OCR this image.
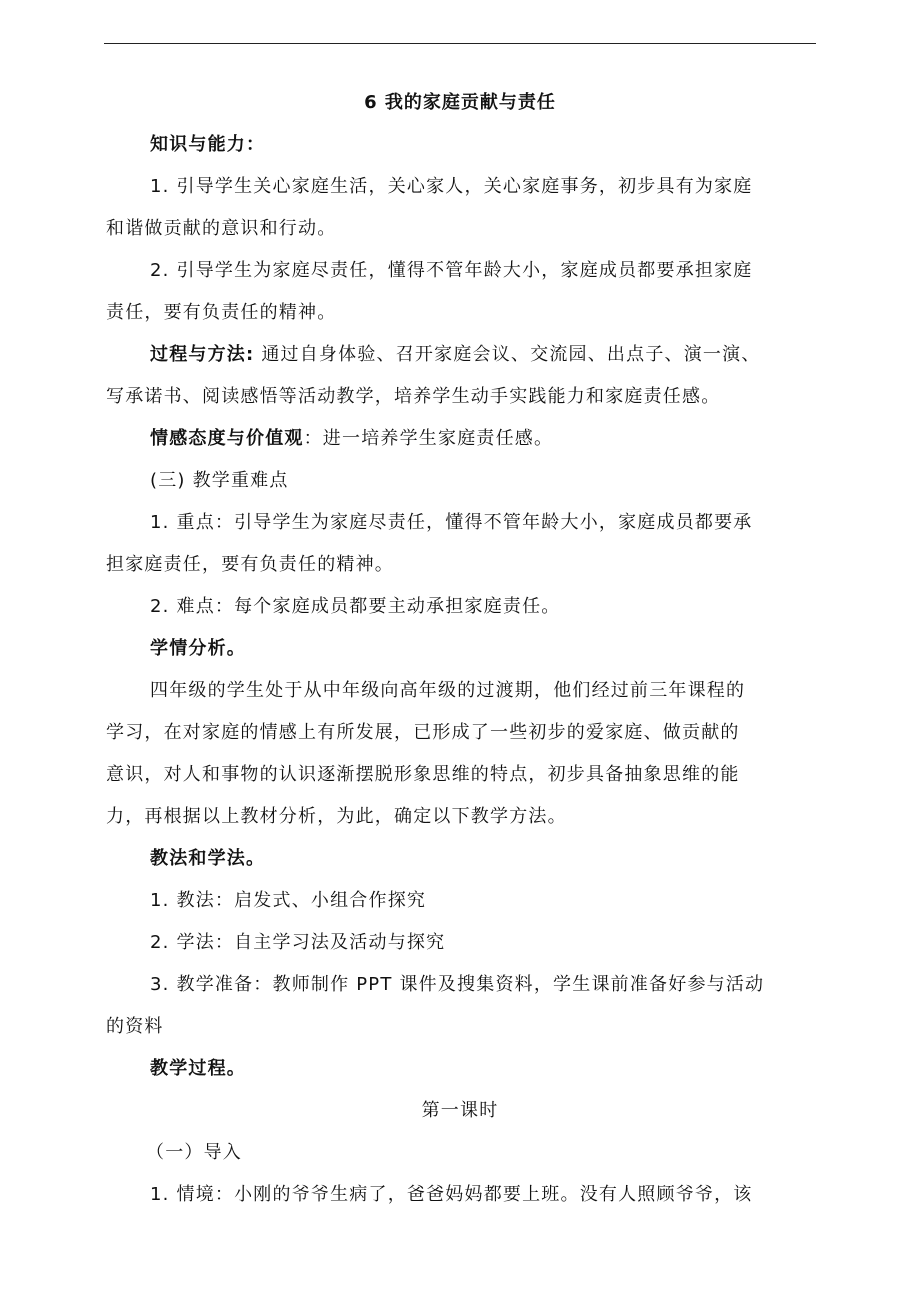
6 我的家庭贡献与责任
知识与能力：
1. 引导学生关心家庭生活，关心家人，关心家庭事务，初步具有为家庭
和谐做贡献的意识和行动。
2. 引导学生为家庭尽责任，懂得不管年龄大小，家庭成员都要承担家庭
责任，要有负责任的精神。
过程与方法: 通过自身体验、召开家庭会议、交流园、出点子、演一演、
写承诺书、阅读感悟等活动教学，培养学生动手实践能力和家庭责任感。
情感态度与价值观：进一培养学生家庭责任感。
(三) 教学重难点
1. 重点：引导学生为家庭尽责任，懂得不管年龄大小，家庭成员都要承
担家庭责任，要有负责任的精神。
2. 难点：每个家庭成员都要主动承担家庭责任。
学情分析。
四年级的学生处于从中年级向高年级的过渡期，他们经过前三年课程的
学习，在对家庭的情感上有所发展，已形成了一些初步的爱家庭、做贡献的
意识，对人和事物的认识逐渐摆脱形象思维的特点，初步具备抽象思维的能
力，再根据以上教材分析，为此，确定以下教学方法。
教法和学法。
1. 教法：启发式、小组合作探究
2. 学法：自主学习法及活动与探究
3. 教学准备：教师制作 PPT 课件及搜集资料，学生课前准备好参与活动
的资料
教学过程。
第一课时
（一）导入
1. 情境：小刚的爷爷生病了，爸爸妈妈都要上班。没有人照顾爷爷，该
